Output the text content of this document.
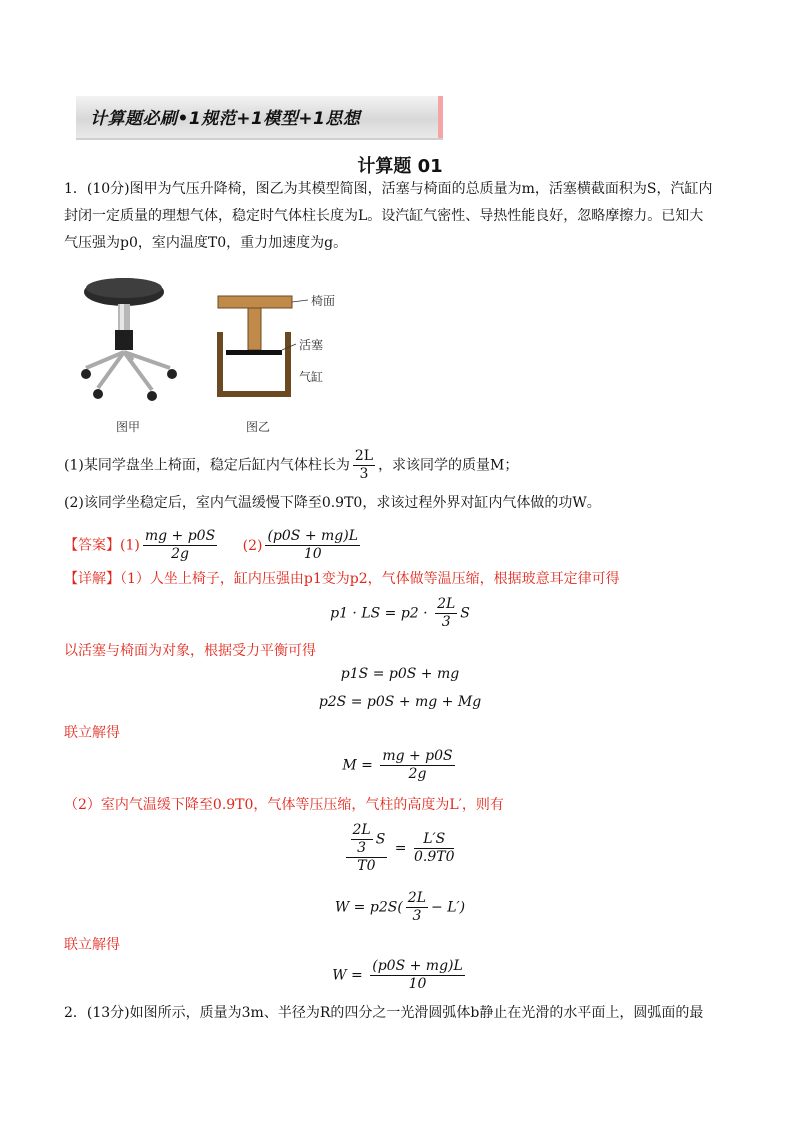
计算题必刷•1规范+1模型+1思想
计算题 01
1．(10分)图甲为气压升降椅，图乙为其模型简图，活塞与椅面的总质量为m，活塞横截面积为S，汽缸内
封闭一定质量的理想气体，稳定时气体柱长度为L。设汽缸气密性、导热性能良好，忽略摩擦力。已知大
气压强为p0，室内温度T0，重力加速度为g。
椅面
活塞
气缸
图甲	图乙
(1)某同学盘坐上椅面，稳定后缸内气体柱长为 $\frac{2L}{3}$ ，求该同学的质量M；
(2)该同学坐稳定后，室内气温缓慢下降至0.9T0，求该过程外界对缸内气体做的功W。
【答案】$(1) \frac{mg + p0S}{2g} (2) \frac{(p0S + mg)L}{10}$
【详解】（1）人坐上椅子，缸内压强由p1变为p2，气体做等温压缩，根据玻意耳定律可得
p1 · LS = $p2 \cdot \frac{2L}{3}$ S
以活塞与椅面为对象，根据受力平衡可得
p1S = p0S + mg
p2S = p0S + mg + Mg
联立解得
$M = \frac{mg + p0S}{2g}$
（2）室内气温缓下降至0.9T0，气体等压压缩，气柱的高度为L′，则有
$\frac{\frac{2L}{3} S}{T0} = \frac{L'S}{0.9T0}$
$W = p2S( \frac{2L}{3} - L')$
联立解得
$W = \frac{(p0S + mg)L}{10}$
2．(13分)如图所示，质量为3m、半径为R的四分之一光滑圆弧体b静止在光滑的水平面上，圆弧面的最
